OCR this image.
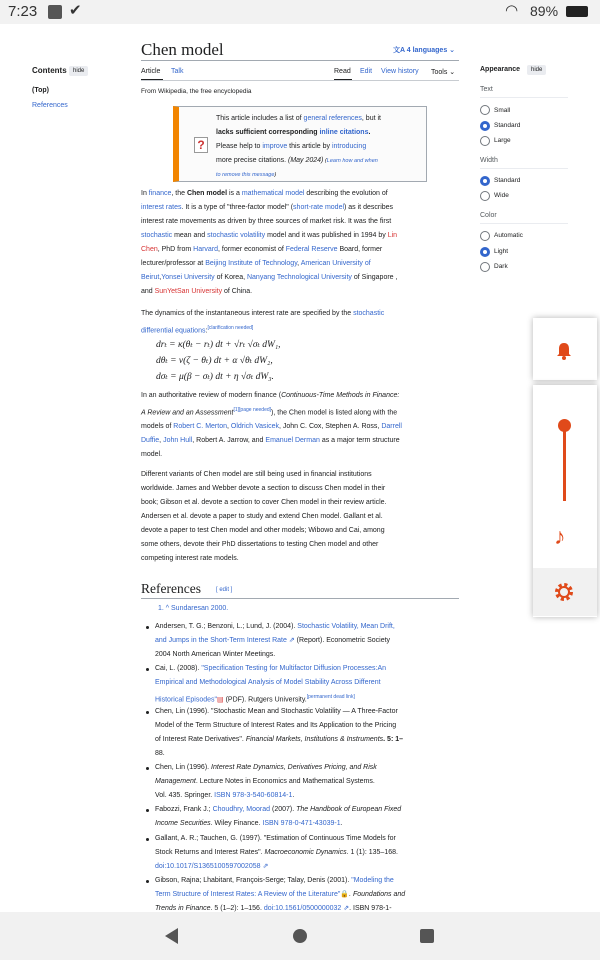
7:23 ✔	◠ 89%
Contents	hide
(Top)
References
Chen model	文A 4 languages ⌄
Article Talk	Read Edit View history Tools ⌄
From Wikipedia, the free encyclopedia
?
This article includes a list of general references, but it
lacks sufficient corresponding inline citations.
Please help to improve this article by introducing
more precise citations. (May 2024) (Learn how and when
to remove this message)
In finance, the Chen model is a mathematical model describing the evolution of
interest rates. It is a type of "three-factor model" (short-rate model) as it describes
interest rate movements as driven by three sources of market risk. It was the first
stochastic mean and stochastic volatility model and it was published in 1994 by Lin
Chen, PhD from Harvard, former economist of Federal Reserve Board, former
lecturer/professor at Beijing Institute of Technology, American University of
Beirut,Yonsei University of Korea, Nanyang Technological University of Singapore ,
and SunYetSan University of China.
The dynamics of the instantaneous interest rate are specified by the stochastic
differential equations:[clarification needed]
drₜ = κ(θₜ − rₜ) dt + √rₜ √σₜ dW₁,
dθₜ = ν(ζ − θₜ) dt + α √θₜ dW₂,
dσₜ = μ(β − σₜ) dt + η √σₜ dW₃.
In an authoritative review of modern finance (Continuous-Time Methods in Finance:
A Review and an Assessment[1][page needed]), the Chen model is listed along with the
models of Robert C. Merton, Oldrich Vasicek, John C. Cox, Stephen A. Ross, Darrell
Duffie, John Hull, Robert A. Jarrow, and Emanuel Derman as a major term structure
model.
Different variants of Chen model are still being used in financial institutions
worldwide. James and Webber devote a section to discuss Chen model in their
book; Gibson et al. devote a section to cover Chen model in their review article.
Andersen et al. devote a paper to study and extend Chen model. Gallant et al.
devote a paper to test Chen model and other models; Wibowo and Cai, among
some others, devote their PhD dissertations to testing Chen model and other
competing interest rate models.
References	[ edit ]
1. ^ Sundaresan 2000.
Andersen, T. G.; Benzoni, L.; Lund, J. (2004). Stochastic Volatility, Mean Drift,
and Jumps in the Short-Term Interest Rate ⇗ (Report). Econometric Society
2004 North American Winter Meetings.
Cai, L. (2008). "Specification Testing for Multifactor Diffusion Processes:An
Empirical and Methodological Analysis of Model Stability Across Different
Historical Episodes"▤ (PDF). Rutgers University.[permanent dead link]
Chen, Lin (1996). "Stochastic Mean and Stochastic Volatility — A Three-Factor
Model of the Term Structure of Interest Rates and Its Application to the Pricing
of Interest Rate Derivatives". Financial Markets, Institutions & Instruments. 5: 1–
88.
Chen, Lin (1996). Interest Rate Dynamics, Derivatives Pricing, and Risk
Management. Lecture Notes in Economics and Mathematical Systems.
Vol. 435. Springer. ISBN 978-3-540-60814-1.
Fabozzi, Frank J.; Choudhry, Moorad (2007). The Handbook of European Fixed
Income Securities. Wiley Finance. ISBN 978-0-471-43039-1.
Gallant, A. R.; Tauchen, G. (1997). "Estimation of Continuous Time Models for
Stock Returns and Interest Rates". Macroeconomic Dynamics. 1 (1): 135–168.
doi:10.1017/S1365100597002058 ⇗
Gibson, Rajna; Lhabitant, François-Serge; Talay, Denis (2001). "Modeling the
Term Structure of Interest Rates: A Review of the Literature"🔒. Foundations and
Trends in Finance. 5 (1–2): 1–156. doi:10.1561/0500000032 ⇗. ISBN 978-1-
Appearance	hide
Text
Small
Standard
Large
Width
Standard
Wide
Color
Automatic
Light
Dark
♪
